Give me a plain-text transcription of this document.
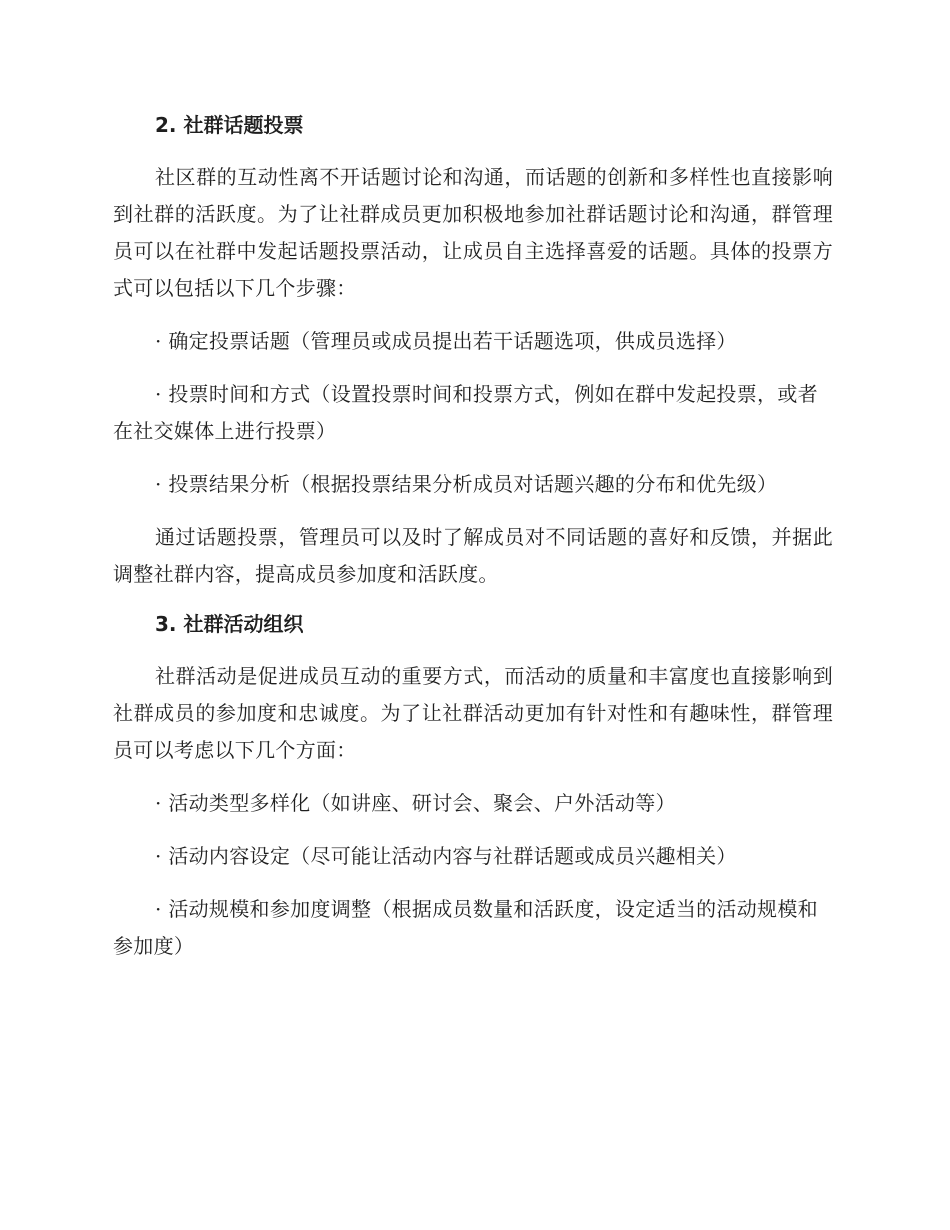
2. 社群话题投票

社区群的互动性离不开话题讨论和沟通，而话题的创新和多样性也直接影响到社群的活跃度。为了让社群成员更加积极地参加社群话题讨论和沟通，群管理员可以在社群中发起话题投票活动，让成员自主选择喜爱的话题。具体的投票方式可以包括以下几个步骤：

· 确定投票话题（管理员或成员提出若干话题选项，供成员选择）

· 投票时间和方式（设置投票时间和投票方式，例如在群中发起投票，或者在社交媒体上进行投票）

· 投票结果分析（根据投票结果分析成员对话题兴趣的分布和优先级）

通过话题投票，管理员可以及时了解成员对不同话题的喜好和反馈，并据此调整社群内容，提高成员参加度和活跃度。

3. 社群活动组织

社群活动是促进成员互动的重要方式，而活动的质量和丰富度也直接影响到社群成员的参加度和忠诚度。为了让社群活动更加有针对性和有趣味性，群管理员可以考虑以下几个方面：

· 活动类型多样化（如讲座、研讨会、聚会、户外活动等）

· 活动内容设定（尽可能让活动内容与社群话题或成员兴趣相关）

· 活动规模和参加度调整（根据成员数量和活跃度，设定适当的活动规模和参加度）
